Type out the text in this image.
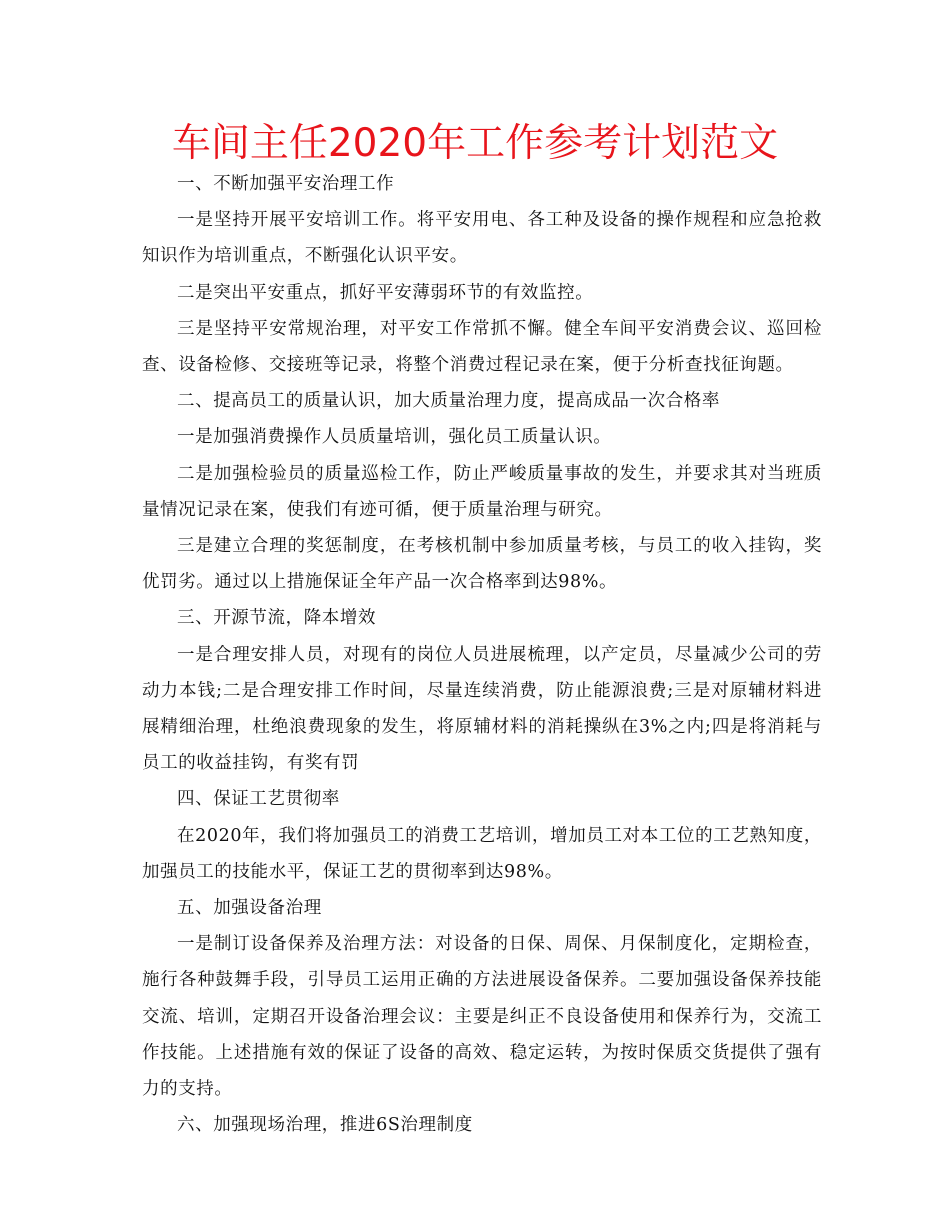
车间主任2020年工作参考计划范文

一、不断加强平安治理工作

一是坚持开展平安培训工作。将平安用电、各工种及设备的操作规程和应急抢救知识作为培训重点，不断强化认识平安。

二是突出平安重点，抓好平安薄弱环节的有效监控。

三是坚持平安常规治理，对平安工作常抓不懈。健全车间平安消费会议、巡回检查、设备检修、交接班等记录，将整个消费过程记录在案，便于分析查找征询题。

二、提高员工的质量认识，加大质量治理力度，提高成品一次合格率

一是加强消费操作人员质量培训，强化员工质量认识。

二是加强检验员的质量巡检工作，防止严峻质量事故的发生，并要求其对当班质量情况记录在案，使我们有迹可循，便于质量治理与研究。

三是建立合理的奖惩制度，在考核机制中参加质量考核，与员工的收入挂钩，奖优罚劣。通过以上措施保证全年产品一次合格率到达98%。

三、开源节流，降本增效

一是合理安排人员，对现有的岗位人员进展梳理，以产定员，尽量减少公司的劳动力本钱;二是合理安排工作时间，尽量连续消费，防止能源浪费;三是对原辅材料进展精细治理，杜绝浪费现象的发生，将原辅材料的消耗操纵在3%之内;四是将消耗与员工的收益挂钩，有奖有罚

四、保证工艺贯彻率

在2020年，我们将加强员工的消费工艺培训，增加员工对本工位的工艺熟知度，加强员工的技能水平，保证工艺的贯彻率到达98%。

五、加强设备治理

一是制订设备保养及治理方法：对设备的日保、周保、月保制度化，定期检查，施行各种鼓舞手段，引导员工运用正确的方法进展设备保养。二要加强设备保养技能交流、培训，定期召开设备治理会议：主要是纠正不良设备使用和保养行为，交流工作技能。上述措施有效的保证了设备的高效、稳定运转，为按时保质交货提供了强有力的支持。

六、加强现场治理，推进6S治理制度
